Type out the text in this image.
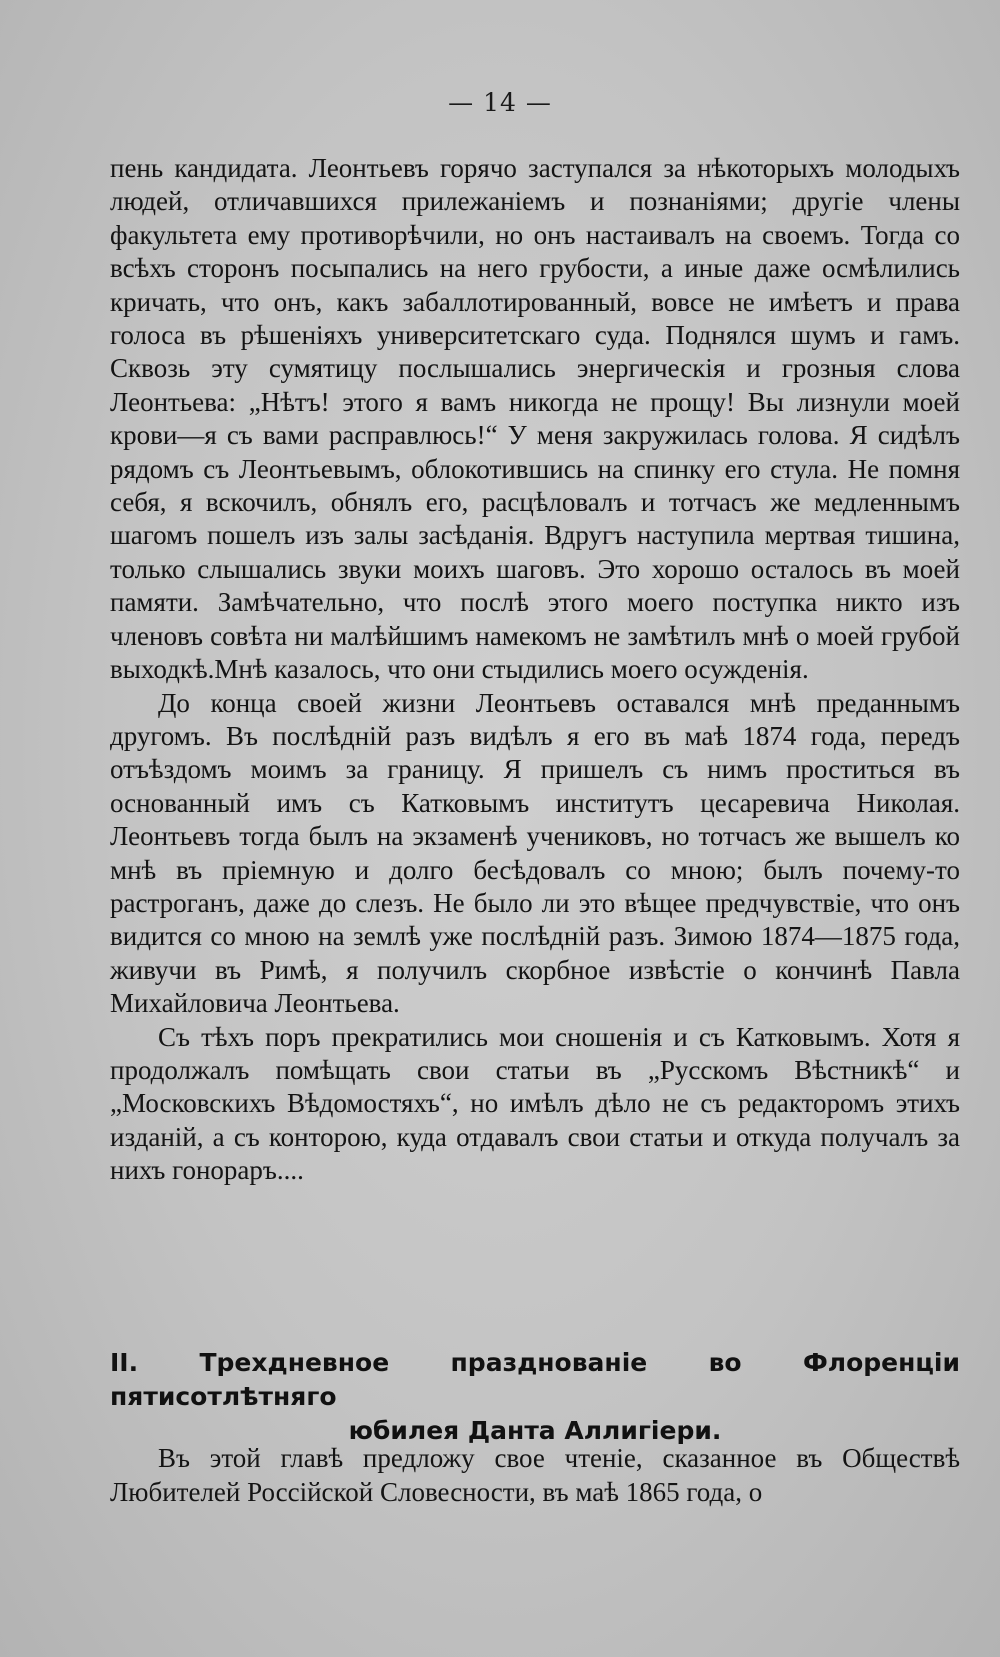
— 14 —

пень кандидата. Леонтьевъ горячо заступался за нѣкоторыхъ молодыхъ людей, отличавшихся прилежаніемъ и познаніями; другіе члены факультета ему противорѣчили, но онъ настаивалъ на своемъ. Тогда со всѣхъ сторонъ посыпались на него грубости, а иные даже осмѣлились кричать, что онъ, какъ забаллотированный, вовсе не имѣетъ и права голоса въ рѣшеніяхъ университетскаго суда. Поднялся шумъ и гамъ. Сквозь эту сумятицу послышались энергическія и грозныя слова Леонтьева: „Нѣтъ! этого я вамъ никогда не прощу! Вы лизнули моей крови—я съ вами расправлюсь!“ У меня закружилась голова. Я сидѣлъ рядомъ съ Леонтьевымъ, облокотившись на спинку его стула. Не помня себя, я вскочилъ, обнялъ его, расцѣловалъ и тотчасъ же медленнымъ шагомъ пошелъ изъ залы засѣданія. Вдругъ наступила мертвая тишина, только слышались звуки моихъ шаговъ. Это хорошо осталось въ моей памяти. Замѣчательно, что послѣ этого моего поступка никто изъ членовъ совѣта ни малѣйшимъ намекомъ не замѣтилъ мнѣ о моей грубой выходкѣ.Мнѣ казалось, что они стыдились моего осужденія.

До конца своей жизни Леонтьевъ оставался мнѣ преданнымъ другомъ. Въ послѣдній разъ видѣлъ я его въ маѣ 1874 года, передъ отъѣздомъ моимъ за границу. Я пришелъ съ нимъ проститься въ основанный имъ съ Катковымъ институтъ цесаревича Николая. Леонтьевъ тогда былъ на экзаменѣ учениковъ, но тотчасъ же вышелъ ко мнѣ въ пріемную и долго бесѣдовалъ со мною; былъ почему-то растроганъ, даже до слезъ. Не было ли это вѣщее предчувствіе, что онъ видится со мною на землѣ уже послѣдній разъ. Зимою 1874—1875 года, живучи въ Римѣ, я получилъ скорбное извѣстіе о кончинѣ Павла Михайловича Леонтьева.

Съ тѣхъ поръ прекратились мои сношенія и съ Катковымъ. Хотя я продолжалъ помѣщать свои статьи въ „Русскомъ Вѣстникѣ“ и „Московскихъ Вѣдомостяхъ“, но имѣлъ дѣло не съ редакторомъ этихъ изданій, а съ конторою, куда отдавалъ свои статьи и откуда получалъ за нихъ гонораръ....

II. Трехдневное празднованіе во Флоренціи пятисотлѣтняго
юбилея Данта Аллигіери.

Въ этой главѣ предложу свое чтеніе, сказанное въ Обществѣ Любителей Россійской Словесности, въ маѣ 1865 года, о
